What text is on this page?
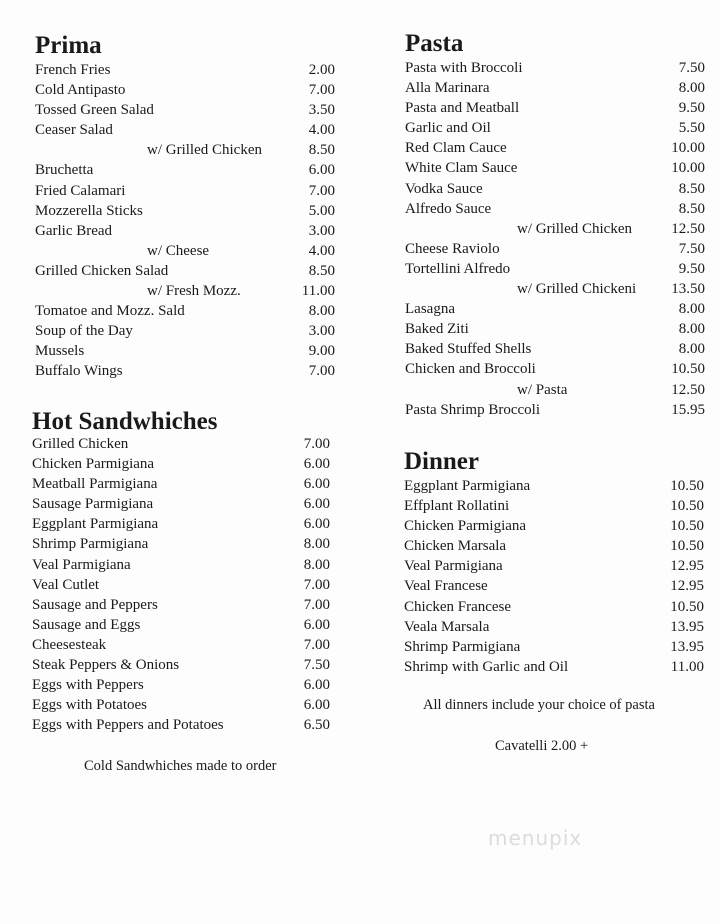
Prima
French Fries	2.00
Cold Antipasto	7.00
Tossed Green Salad	3.50
Ceaser Salad	4.00
w/ Grilled Chicken	8.50
Bruchetta	6.00
Fried Calamari	7.00
Mozzerella Sticks	5.00
Garlic Bread	3.00
w/ Cheese	4.00
Grilled Chicken Salad	8.50
w/ Fresh Mozz.	11.00
Tomatoe and Mozz. Sald	8.00
Soup of the Day	3.00
Mussels	9.00
Buffalo Wings	7.00
Hot Sandwhiches
Grilled Chicken	7.00
Chicken Parmigiana	6.00
Meatball Parmigiana	6.00
Sausage Parmigiana	6.00
Eggplant Parmigiana	6.00
Shrimp Parmigiana	8.00
Veal Parmigiana	8.00
Veal Cutlet	7.00
Sausage and Peppers	7.00
Sausage and Eggs	6.00
Cheesesteak	7.00
Steak Peppers & Onions	7.50
Eggs with Peppers	6.00
Eggs with Potatoes	6.00
Eggs with Peppers and Potatoes	6.50
Cold Sandwhiches made to order
Pasta
Pasta with Broccoli	7.50
Alla Marinara	8.00
Pasta and Meatball	9.50
Garlic and Oil	5.50
Red Clam Cauce	10.00
White Clam Sauce	10.00
Vodka Sauce	8.50
Alfredo Sauce	8.50
w/ Grilled Chicken	12.50
Cheese Raviolo	7.50
Tortellini Alfredo	9.50
w/ Grilled Chickeni 13.50
Lasagna	8.00
Baked Ziti	8.00
Baked Stuffed Shells	8.00
Chicken and Broccoli	10.50
w/ Pasta	12.50
Pasta Shrimp Broccoli	15.95
Dinner
Eggplant Parmigiana	10.50
Effplant Rollatini	10.50
Chicken Parmigiana	10.50
Chicken Marsala	10.50
Veal Parmigiana	12.95
Veal Francese	12.95
Chicken Francese	10.50
Veala Marsala	13.95
Shrimp Parmigiana	13.95
Shrimp with Garlic and Oil	11.00
All dinners include your choice of pasta
Cavatelli 2.00 +
menupix
